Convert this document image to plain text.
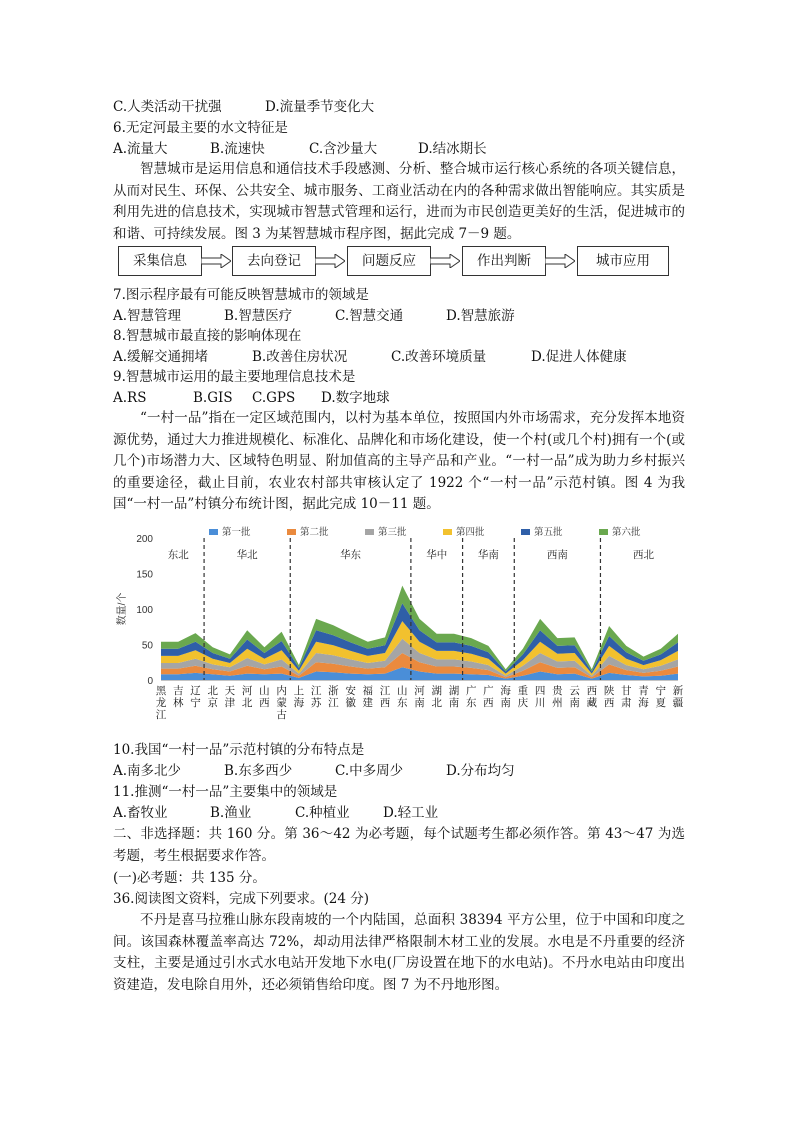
C.人类活动干扰强	D.流量季节变化大
6.无定河最主要的水文特征是
A.流量大	B.流速快	C.含沙量大	D.结冰期长

智慧城市是运用信息和通信技术手段感测、分析、整合城市运行核心系统的各项关键信息，从而对民生、环保、公共安全、城市服务、工商业活动在内的各种需求做出智能响应。其实质是利用先进的信息技术，实现城市智慧式管理和运行，进而为市民创造更美好的生活，促进城市的和谐、可持续发展。图 3 为某智慧城市程序图，据此完成 7－9 题。

采集信息	去向登记	问题反应	作出判断	城市应用
7.图示程序最有可能反映智慧城市的领域是
A.智慧管理	B.智慧医疗	C.智慧交通	D.智慧旅游
8.智慧城市最直接的影响体现在
A.缓解交通拥堵	B.改善住房状况	C.改善环境质量	D.促进人体健康
9.智慧城市运用的最主要地理信息技术是
A.RS	B.GIS C.GPS D.数字地球

“一村一品”指在一定区域范围内，以村为基本单位，按照国内外市场需求，充分发挥本地资源优势，通过大力推进规模化、标准化、品牌化和市场化建设，使一个村(或几个村)拥有一个(或几个)市场潜力大、区域特色明显、附加值高的主导产品和产业。“一村一品”成为助力乡村振兴的重要途径，截止目前，农业农村部共审核认定了 1922 个“一村一品”示范村镇。图 4 为我国“一村一品”村镇分布统计图，据此完成 10－11 题。

0
50
100
150
200
数量/个
东北	华北	华东	华中	华南	西南	西北
第一批	第二批	第三批	第四批	第五批	第六批
黑
龙
江
吉
林
辽
宁
北
京
天
津
河
北
山
西
内
蒙
古
上
海
江
苏
浙
江
安
徽
福
建
江
西
山
东
河
南
湖
北
湖
南
广
东
广
西
海
南
重
庆
四
川
贵
州
云
南
西
藏
陕
西
甘
肃
青
海
宁
夏
新
疆
10.我国“一村一品”示范村镇的分布特点是
A.南多北少	B.东多西少	C.中多周少	D.分布均匀
11.推测“一村一品”主要集中的领域是
A.畜牧业	B.渔业	C.种植业 D.轻工业

二、非选择题：共 160 分。第 36～42 为必考题，每个试题考生都必须作答。第 43～47 为选考题，考生根据要求作答。

(一)必考题：共 135 分。
36.阅读图文资料，完成下列要求。(24 分)

不丹是喜马拉雅山脉东段南坡的一个内陆国，总面积 38394 平方公里，位于中国和印度之间。该国森林覆盖率高达 72%，却动用法律严格限制木材工业的发展。水电是不丹重要的经济支柱，主要是通过引水式水电站开发地下水电(厂房设置在地下的水电站)。不丹水电站由印度出资建造，发电除自用外，还必须销售给印度。图 7 为不丹地形图。
